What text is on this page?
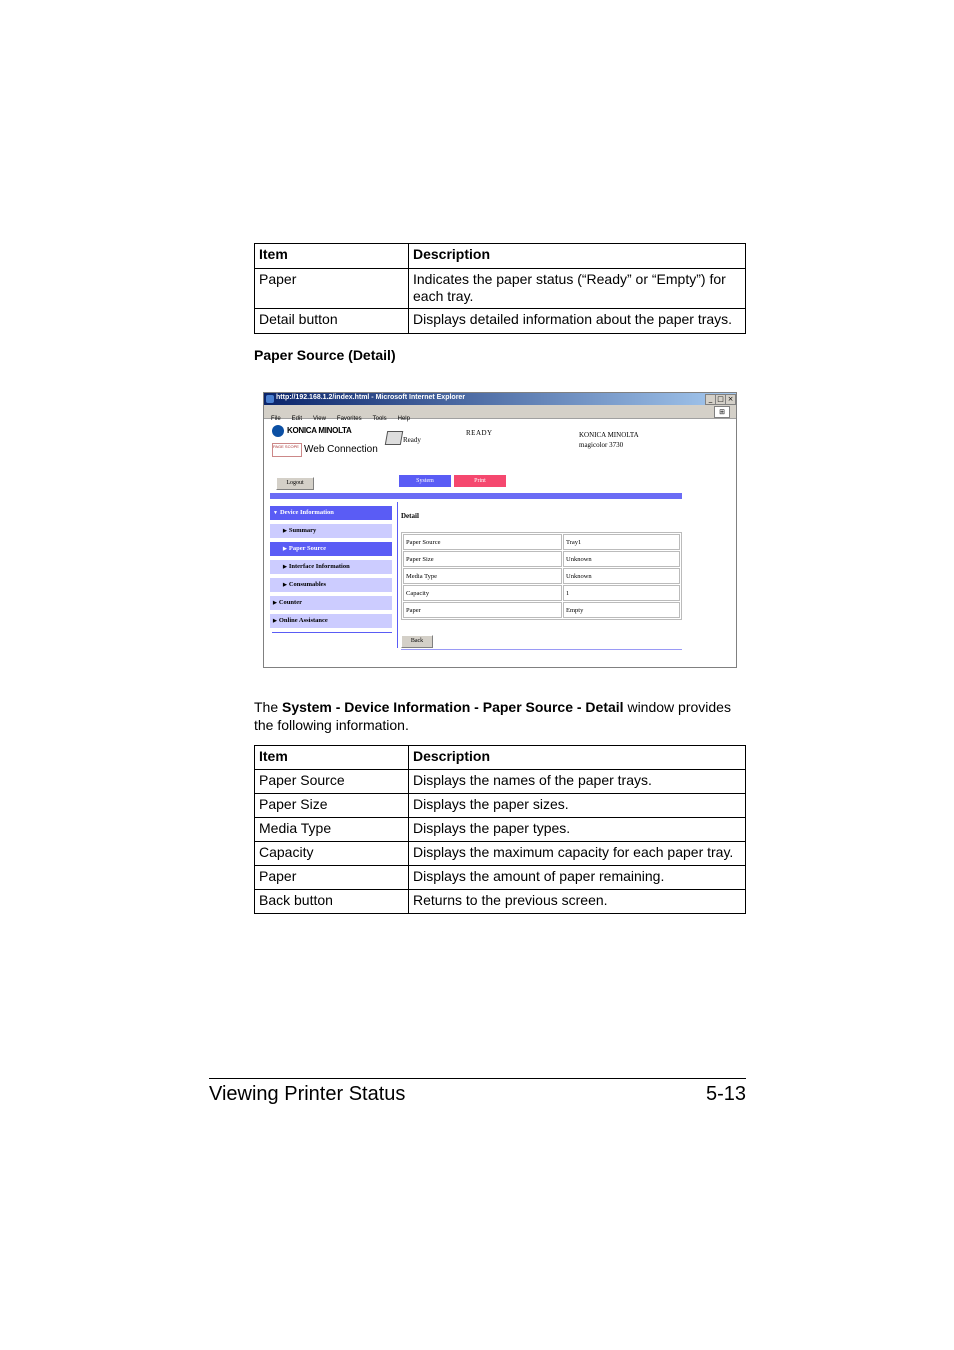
Item	Description
Paper	Indicates the paper status (“Ready” or “Empty”) for each tray.
Detail button	Displays detailed information about the paper trays.
Paper Source (Detail)
http://192.168.1.2/index.html - Microsoft Internet Explorer	_ □ ×
File Edit View Favorites Tools Help
⊞
KONICA MINOLTA
PAGE SCOPE Web Connection
Ready
READY	KONICA MINOLTA
magicolor 3730
Logout	System	Print
▼ Device Information
▶ Summary
▶ Paper Source
▶ Interface Information
▶ Consumables
▶ Counter
▶ Online Assistance
Detail
Paper Source	Tray1
Paper Size	Unknown
Media Type	Unknown
Capacity	1
Paper	Empty
Back
The System - Device Information - Paper Source - Detail window provides the following information.
Item	Description
Paper Source	Displays the names of the paper trays.
Paper Size	Displays the paper sizes.
Media Type	Displays the paper types.
Capacity	Displays the maximum capacity for each paper tray.
Paper	Displays the amount of paper remaining.
Back button	Returns to the previous screen.
Viewing Printer Status	5-13
